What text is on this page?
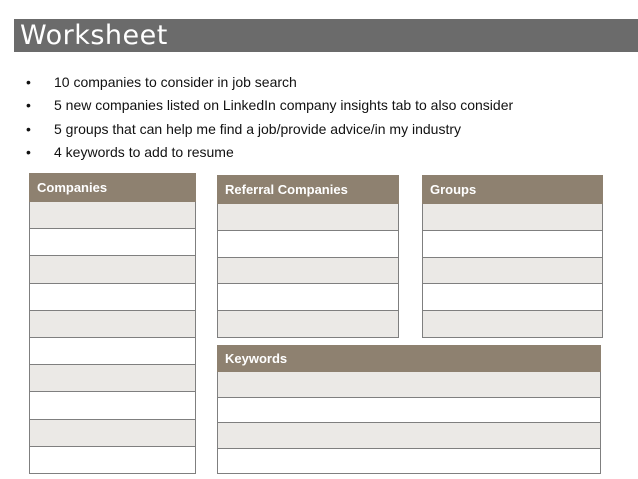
Worksheet
• 10 companies to consider in job search
• 5 new companies listed on LinkedIn company insights tab to also consider
• 5 groups that can help me find a job/provide advice/in my industry
• 4 keywords to add to resume
Companies	Referral Companies	Groups

Keywords
